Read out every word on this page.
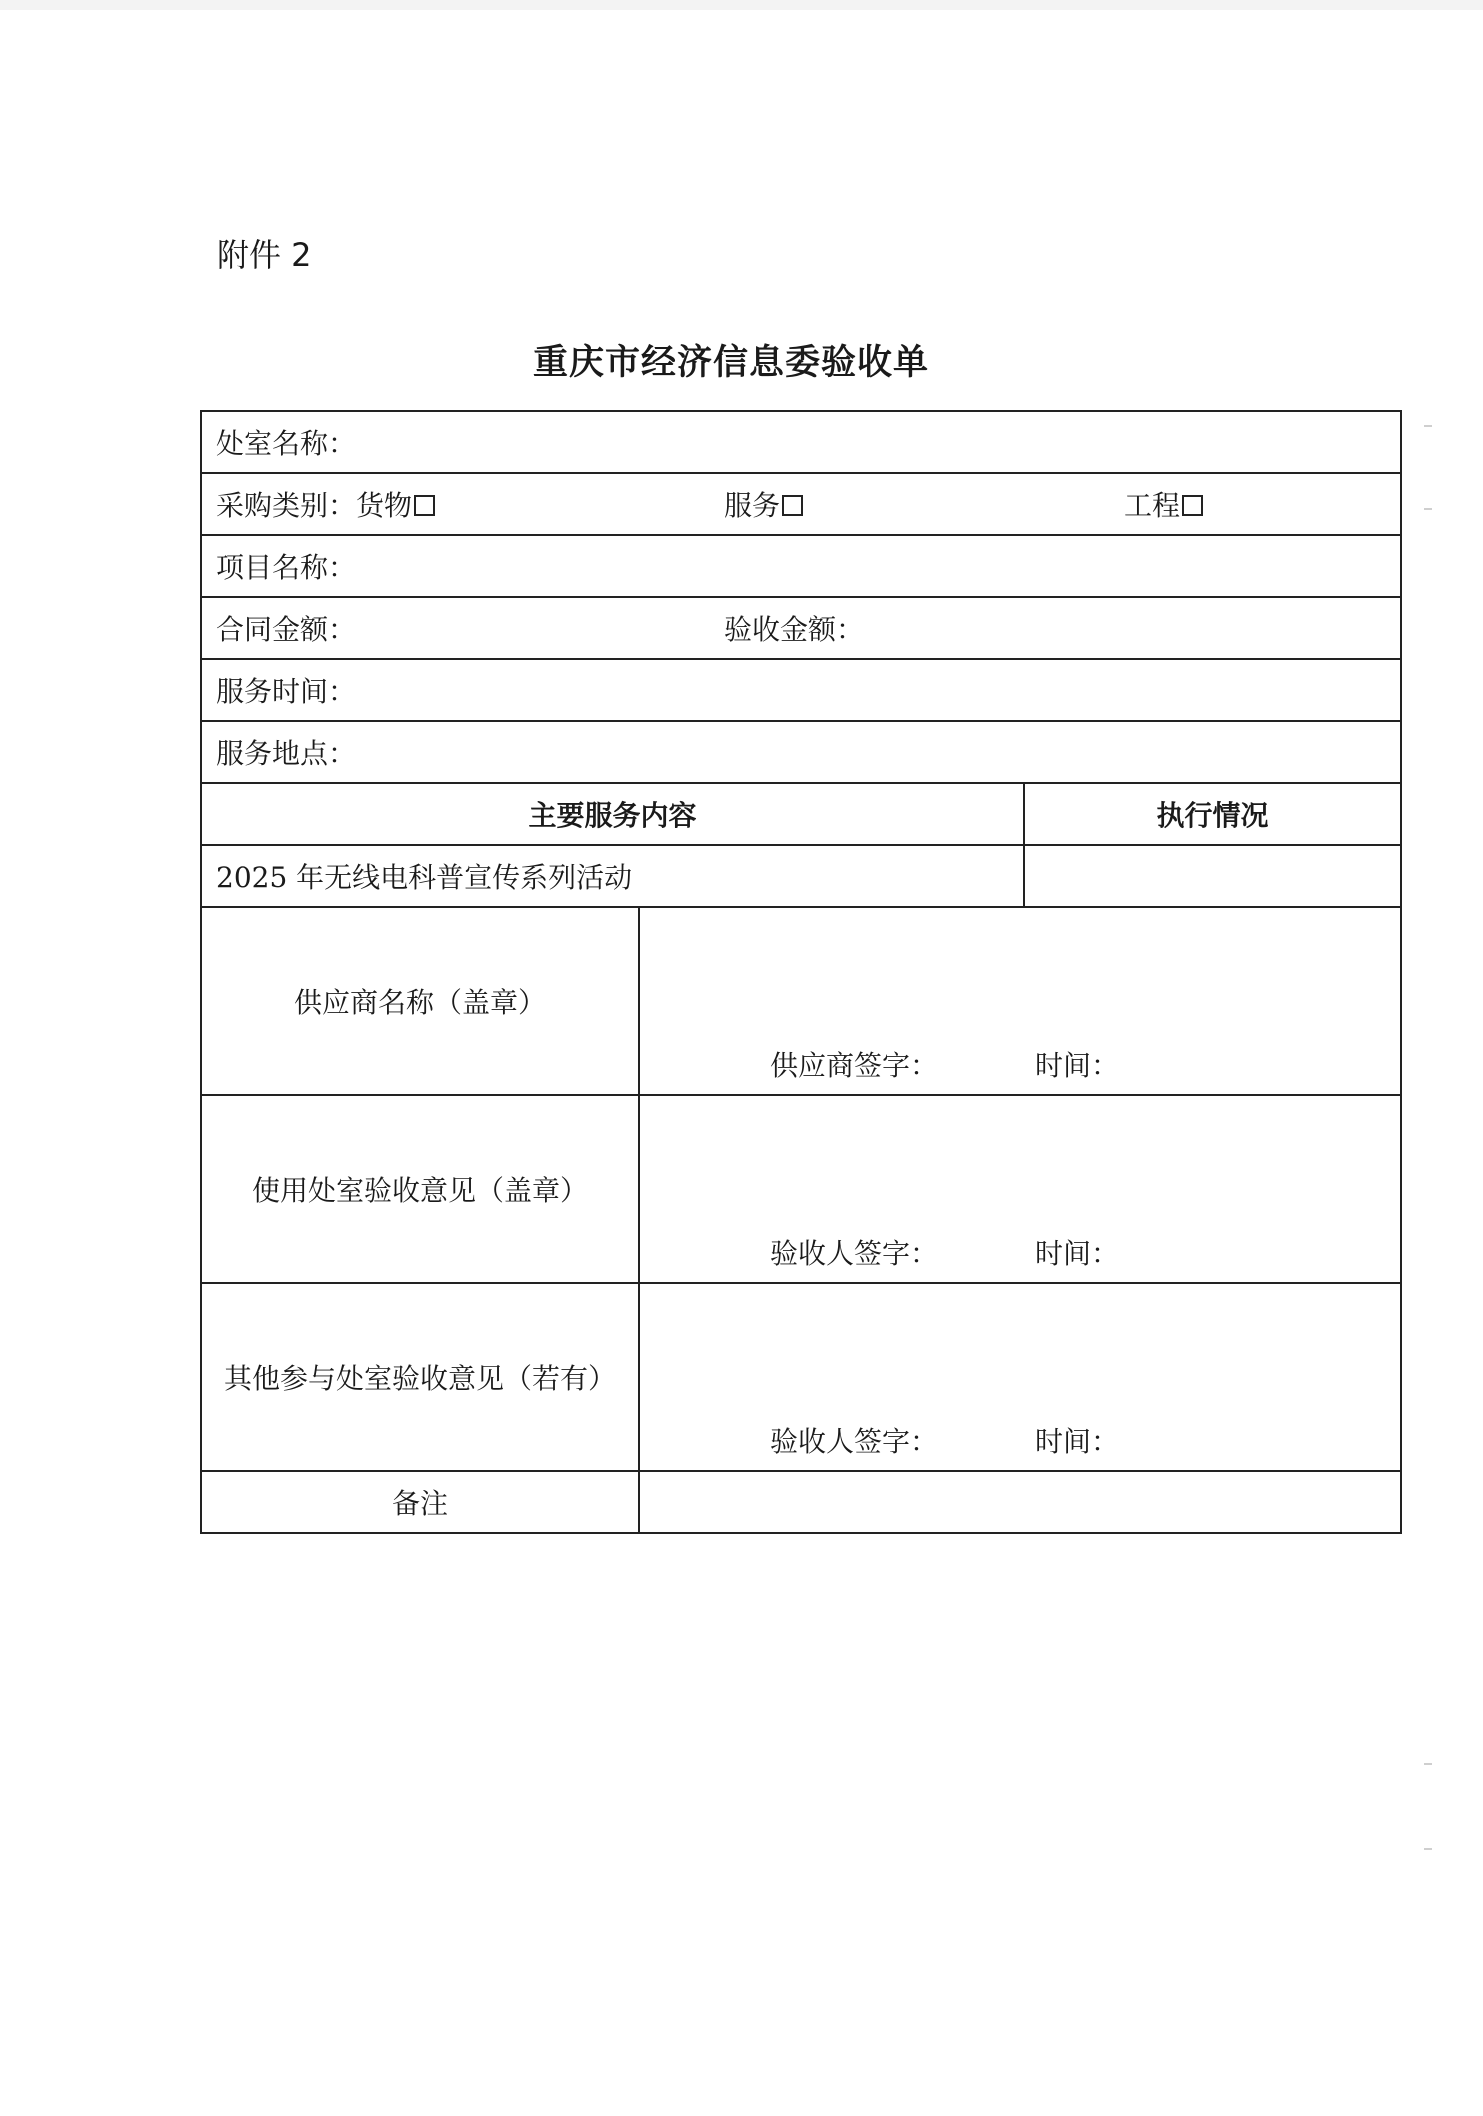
附件 2
重庆市经济信息委验收单
处室名称：		
采购类别：货物 服务 工程		

项目名称：		
合同金额： 验收金额：		

服务时间：		
服务地点：		
主要服务内容		执行情况
2025 年无线电科普宣传系列活动		
供应商名称（盖章）	供应商签字： 时间：	

使用处室验收意见（盖章）	验收人签字： 时间：	

其他参与处室验收意见（若有）	验收人签字： 时间：	

备注		
